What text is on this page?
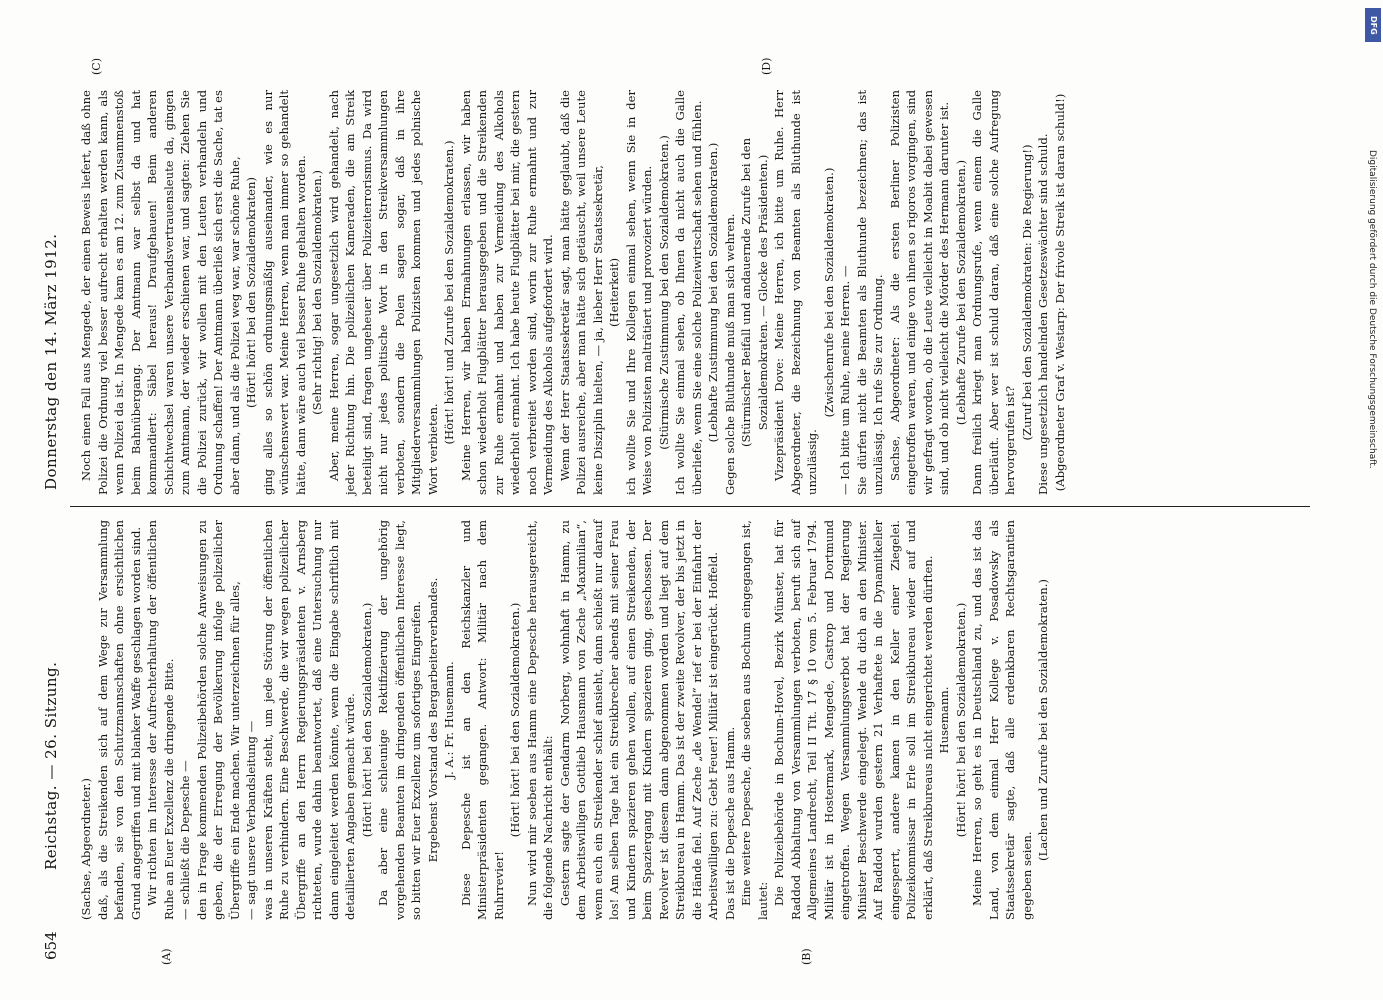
654
Reichstag. — 26. Sitzung.
Donnerstag den 14. März 1912.
(A)	(B)
(C)	(D)

(Sachse, Abgeordneter.) daß, als die Streikenden sich auf dem Wege zur Versammlung befanden, sie von den Schutzmannschaften ohne ersichtlichen Grund angegriffen und mit blanker Waffe geschlagen worden sind. Wir richten im Interesse der Aufrechterhaltung der öffentlichen Ruhe an Euer Exzellenz die dringende Bitte. — schließt die Depesche — den in Frage kommenden Polizeibehörden solche Anweisungen zu geben, die der Erregung der Bevölkerung infolge polizeilicher Übergriffe ein Ende machen. Wir unterzeichnen für alles, — sagt unsere Verbandsleitung — was in unseren Kräften steht, um jede Störung der öffentlichen Ruhe zu verhindern. Eine Beschwerde, die wir wegen polizeilicher Übergriffe an den Herrn Regierungspräsidenten v. Arnsberg richteten, wurde dahin beantwortet, daß eine Untersuchung nur dann eingeleitet werden könnte, wenn die Eingabe schriftlich mit detaillierten Angaben gemacht würde. (Hört! hört! bei den Sozialdemokraten.) Da aber eine schleunige Rektifizierung der ungehörig vorgehenden Beamten im dringenden öffentlichen Interesse liegt, so bitten wir Euer Exzellenz um sofortiges Eingreifen. Ergebenst Vorstand des Bergarbeiterverbandes. J. A.: Fr. Husemann. Diese Depesche ist an den Reichskanzler und Ministerpräsidenten gegangen. Antwort: Militär nach dem Ruhrrevier!

(Hört! hört! bei den Sozialdemokraten.) Nun wird mir soeben aus Hamm eine Depesche herausgereicht, die folgende Nachricht enthält: Gestern sagte der Gendarm Norberg, wohnhaft in Hamm, zu dem Arbeitswilligen Gottlieb Hausmann von Zeche „Maximilian“, wenn euch ein Streikender schief ansieht, dann schießt nur darauf los! Am selben Tage hat ein Streikbrecher abends mit seiner Frau und Kindern spazieren gehen wollen, auf einen Streikenden, der beim Spaziergang mit Kindern spazieren ging, geschossen. Der Revolver ist diesem dann abgenommen worden und liegt auf dem Streikbureau in Hamm. Das ist der zweite Revolver, der bis jetzt in die Hände fiel. Auf Zeche „de Wendel“ rief er bei der Einfahrt der Arbeitswilligen zu: Gebt Feuer! Militär ist eingerückt. Hoffeld. Das ist die Depesche aus Hamm. Eine weitere Depesche, die soeben aus Bochum eingegangen ist, lautet: Die Polizeibehörde in Bochum-Hovel, Bezirk Münster, hat für Raddod Abhaltung von Versammlungen verboten, beruft sich auf Allgemeines Landrecht, Teil II Tit. 17 § 10 vom 5. Februar 1794. Militär ist in Hostermark, Mengede, Castrop und Dortmund eingetroffen. Wegen Versammlungsverbot hat der Regierung Minister Beschwerde eingelegt. Wende du dich an den Minister. Auf Raddod wurden gestern 21 Verhaftete in die Dynamitkeller eingesperrt, andere kamen in den Keller einer Ziegelei. Polizeikommissar in Erle soll im Streikbureau wieder auf und erklärt, daß Streikbureaus nicht eingerichtet werden dürften. Husemann. (Hört! hört! bei den Sozialdemokraten.) Meine Herren, so geht es in Deutschland zu, und das ist das Land, von dem einmal Herr Kollege v. Posadowsky als Staatssekretär sagte, daß alle erdenkbaren Rechtsgarantien gegeben seien.

(Lachen und Zurufe bei den Sozialdemokraten.)

Noch einen Fall aus Mengede, der einen Beweis liefert, daß ohne Polizei die Ordnung viel besser aufrecht erhalten werden kann, als wenn Polizei da ist. In Mengede kam es am 12. zum Zusammenstoß beim Bahnübergang. Der Amtmann war selbst da und hat kommandiert: Säbel heraus! Draufgehauen! Beim anderen Schichtwechsel waren unsere Verbandsvertrauensleute da, gingen zum Amtmann, der wieder erschienen war, und sagten: Ziehen Sie die Polizei zurück, wir wollen mit den Leuten verhandeln und Ordnung schaffen! Der Amtmann überließ sich erst die Sache, tat es aber dann, und als die Polizei weg war, war schöne Ruhe, (Hört! hört! bei den Sozialdemokraten) ging alles so schön ordnungsmäßig auseinander, wie es nur wünschenswert war. Meine Herren, wenn man immer so gehandelt hätte, dann wäre auch viel besser Ruhe gehalten worden. (Sehr richtig! bei den Sozialdemokraten.) Aber, meine Herren, sogar ungesetzlich wird gehandelt, nach jeder Richtung hin. Die polizeilichen Kameraden, die am Streik beteiligt sind, fragen ungeheuer über Polizeiterrorismus. Da wird nicht nur jedes politische Wort in den Streikversammlungen verboten, sondern die Polen sagen sogar, daß in ihre Mitgliederversammlungen Polizisten kommen und jedes polnische Wort verbieten.

(Hört! hört! und Zurufe bei den Sozialdemokraten.) Meine Herren, wir haben Ermahnungen erlassen, wir haben schon wiederholt Flugblätter herausgegeben und die Streikenden zur Ruhe ermahnt und haben zur Vermeidung des Alkohols wiederholt ermahnt. Ich habe heute Flugblätter bei mir, die gestern noch verbreitet worden sind, worin zur Ruhe ermahnt und zur Vermeidung des Alkohols aufgefordert wird. Wenn der Herr Staatssekretär sagt, man hätte geglaubt, daß die Polizei ausreiche, aber man hätte sich getäuscht, weil unsere Leute keine Disziplin hielten, — ja, lieber Herr Staatssekretär, (Heiterkeit) ich wollte Sie und Ihre Kollegen einmal sehen, wenn Sie in der Weise von Polizisten malträtiert und provoziert würden. (Stürmische Zustimmung bei den Sozialdemokraten.) Ich wollte Sie einmal sehen, ob Ihnen da nicht auch die Galle überliefe, wenn Sie eine solche Polizeiwirtschaft sehen und fühlen. (Lebhafte Zustimmung bei den Sozialdemokraten.) Gegen solche Bluthunde muß man sich wehren. (Stürmischer Beifall und andauernde Zurufe bei den Sozialdemokraten. — Glocke des Präsidenten.) Vizepräsident Dove: Meine Herren, ich bitte um Ruhe. Herr Abgeordneter, die Bezeichnung von Beamten als Bluthunde ist unzulässig.

(Zwischenrufe bei den Sozialdemokraten.) — Ich bitte um Ruhe, meine Herren. — Sie dürfen nicht die Beamten als Bluthunde bezeichnen; das ist unzulässig. Ich rufe Sie zur Ordnung. Sachse, Abgeordneter: Als die ersten Berliner Polizisten eingetroffen waren, und einige von ihnen so rigoros vorgingen, sind wir gefragt worden, ob die Leute vielleicht in Moabit dabei gewesen sind, und ob nicht vielleicht die Mörder des Hermann darunter ist. (Lebhafte Zurufe bei den Sozialdemokraten.) Dann freilich kriegt man Ordnungsrufe, wenn einem die Galle überläuft. Aber wer ist schuld daran, daß eine solche Aufregung hervorgerufen ist? (Zuruf bei den Sozialdemokraten: Die Regierung!) Diese ungesetzlich handelnden Gesetzeswächter sind schuld. (Abgeordneter Graf v. Westarp: Der frivole Streik ist daran schuld!)

DFG
Digitalisierung gefördert durch die Deutsche Forschungsgemeinschaft.
